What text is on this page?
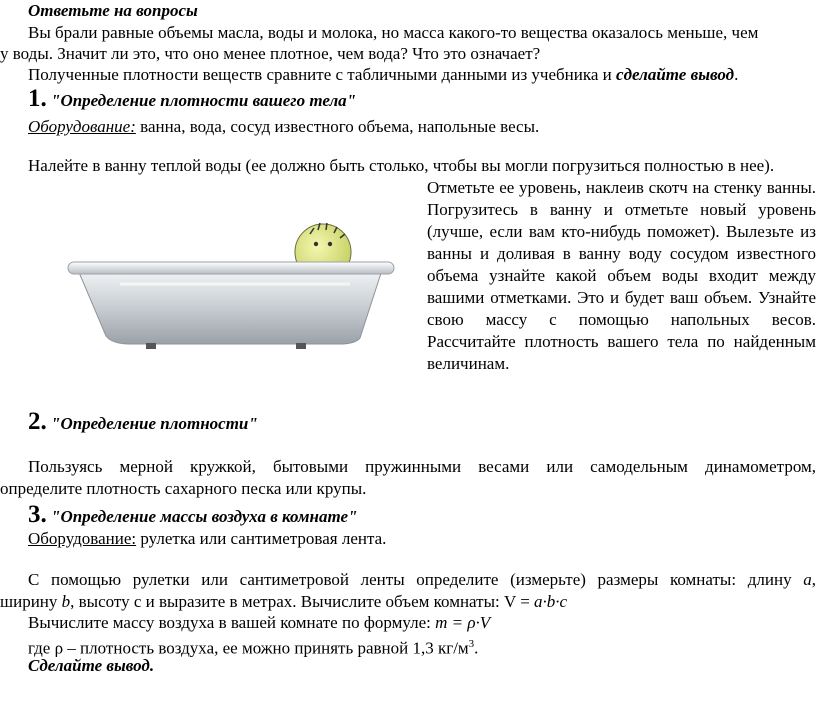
Ответьте на вопросы
Вы брали равные объемы масла, воды и молока, но масса какого-то вещества оказалось меньше, чем
у воды. Значит ли это, что оно менее плотное, чем вода? Что это означает?
Полученные плотности веществ сравните с табличными данными из учебника и сделайте вывод.
1. "Определение плотности вашего тела"
Оборудование: ванна, вода, сосуд известного объема, напольные весы.
Налейте в ванну теплой воды (ее должно быть столько, чтобы вы могли погрузиться полностью в нее).
Отметьте ее уровень, наклеив скотч на стенку ванны. Погрузитесь в ванну и отметьте новый уровень (лучше, если вам кто-нибудь поможет). Вылезьте из ванны и доливая в ванну воду сосудом известного объема узнайте какой объем воды входит между вашими отметками. Это и будет ваш объем. Узнайте свою массу с помощью напольных весов. Рассчитайте плотность вашего тела по найденным величинам.
2. "Определение плотности"
Пользуясь мерной кружкой, бытовыми пружинными весами или самодельным динамометром,
определите плотность сахарного песка или крупы.
3. "Определение массы воздуха в комнате"
Оборудование: рулетка или сантиметровая лента.
С помощью рулетки или сантиметровой ленты определите (измерьте) размеры комнаты: длину а,
ширину b, высоту с и выразите в метрах. Вычислите объем комнаты: V = a·b·c
Вычислите массу воздуха в вашей комнате по формуле: m = ρ·V
где ρ – плотность воздуха, ее можно принять равной 1,3 $кг/м^3$.
Сделайте вывод.
